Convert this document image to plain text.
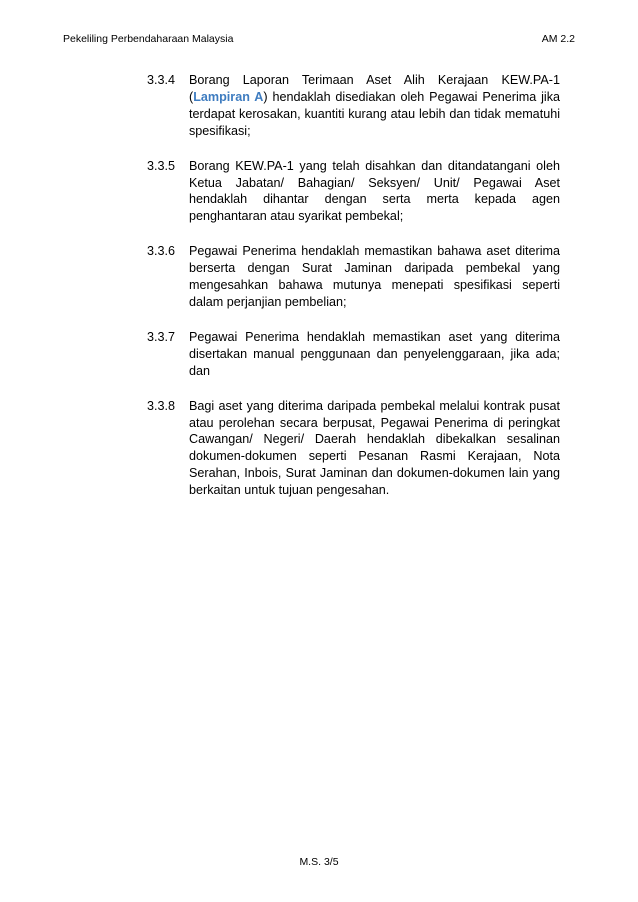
Pekeliling Perbendaharaan Malaysia	AM 2.2
3.3.4	Borang Laporan Terimaan Aset Alih Kerajaan KEW.PA-1 (Lampiran A) hendaklah disediakan oleh Pegawai Penerima jika terdapat kerosakan, kuantiti kurang atau lebih dan tidak mematuhi spesifikasi;
3.3.5	Borang KEW.PA-1 yang telah disahkan dan ditandatangani oleh Ketua Jabatan/ Bahagian/ Seksyen/ Unit/ Pegawai Aset hendaklah dihantar dengan serta merta kepada agen penghantaran atau syarikat pembekal;
3.3.6	Pegawai Penerima hendaklah memastikan bahawa aset diterima berserta dengan Surat Jaminan daripada pembekal yang mengesahkan bahawa mutunya menepati spesifikasi seperti dalam perjanjian pembelian;
3.3.7	Pegawai Penerima hendaklah memastikan aset yang diterima disertakan manual penggunaan dan penyelenggaraan, jika ada; dan
3.3.8	Bagi aset yang diterima daripada pembekal melalui kontrak pusat atau perolehan secara berpusat, Pegawai Penerima di peringkat Cawangan/ Negeri/ Daerah hendaklah dibekalkan sesalinan dokumen-dokumen seperti Pesanan Rasmi Kerajaan, Nota Serahan, Inbois, Surat Jaminan dan dokumen-dokumen lain yang berkaitan untuk tujuan pengesahan.
M.S. 3/5
